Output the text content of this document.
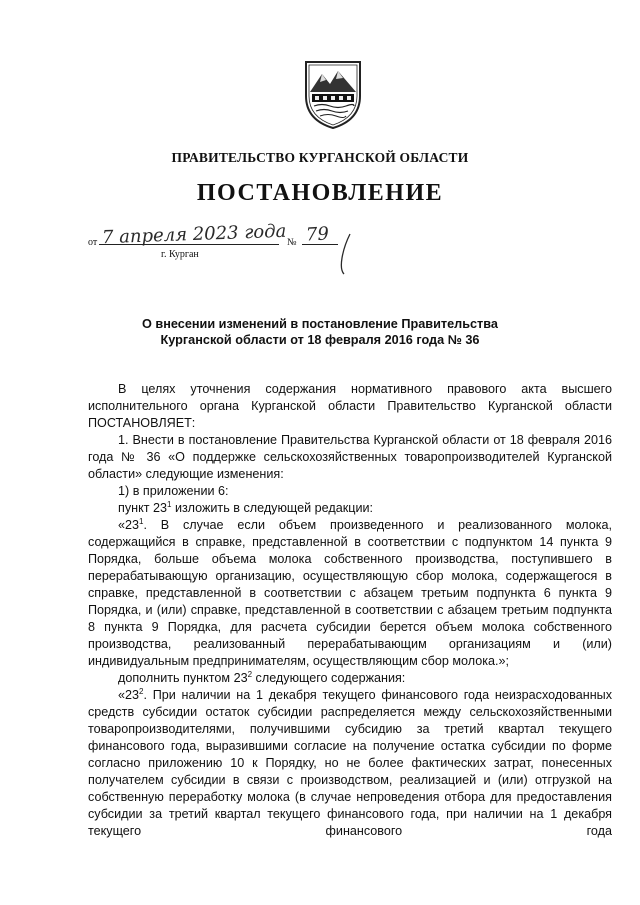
ПРАВИТЕЛЬСТВО КУРГАНСКОЙ ОБЛАСТИ
ПОСТАНОВЛЕНИЕ
от 7 апреля 2023 года № 79
г. Курган
О внесении изменений в постановление Правительства
Курганской области от 18 февраля 2016 года № 36

В целях уточнения содержания нормативного правового акта высшего исполнительного органа Курганской области Правительство Курганской области ПОСТАНОВЛЯЕТ:

1. Внести в постановление Правительства Курганской области от 18 февраля 2016 года № 36 «О поддержке сельскохозяйственных товаропроизводителей Курганской области» следующие изменения:

1) в приложении 6:

пункт $23^1$ изложить в следующей редакции:

«$23^1$. В случае если объем произведенного и реализованного молока, содержащийся в справке, представленной в соответствии с подпунктом 14 пункта 9 Порядка, больше объема молока собственного производства, поступившего в перерабатывающую организацию, осуществляющую сбор молока, содержащегося в справке, представленной в соответствии с абзацем третьим подпункта 6 пункта 9 Порядка, и (или) справке, представленной в соответствии с абзацем третьим подпункта 8 пункта 9 Порядка, для расчета субсидии берется объем молока собственного производства, реализованный перерабатывающим организациям и (или) индивидуальным предпринимателям, осуществляющим сбор молока.»;

дополнить пунктом $23^2$ следующего содержания:

«$23^2$. При наличии на 1 декабря текущего финансового года неизрасходованных средств субсидии остаток субсидии распределяется между сельскохозяйственными товаропроизводителями, получившими субсидию за третий квартал текущего финансового года, выразившими согласие на получение остатка субсидии по форме согласно приложению 10 к Порядку, но не более фактических затрат, понесенных получателем субсидии в связи с производством, реализацией и (или) отгрузкой на собственную переработку молока (в случае непроведения отбора для предоставления субсидии за третий квартал текущего финансового года, при наличии на 1 декабря текущего финансового года
